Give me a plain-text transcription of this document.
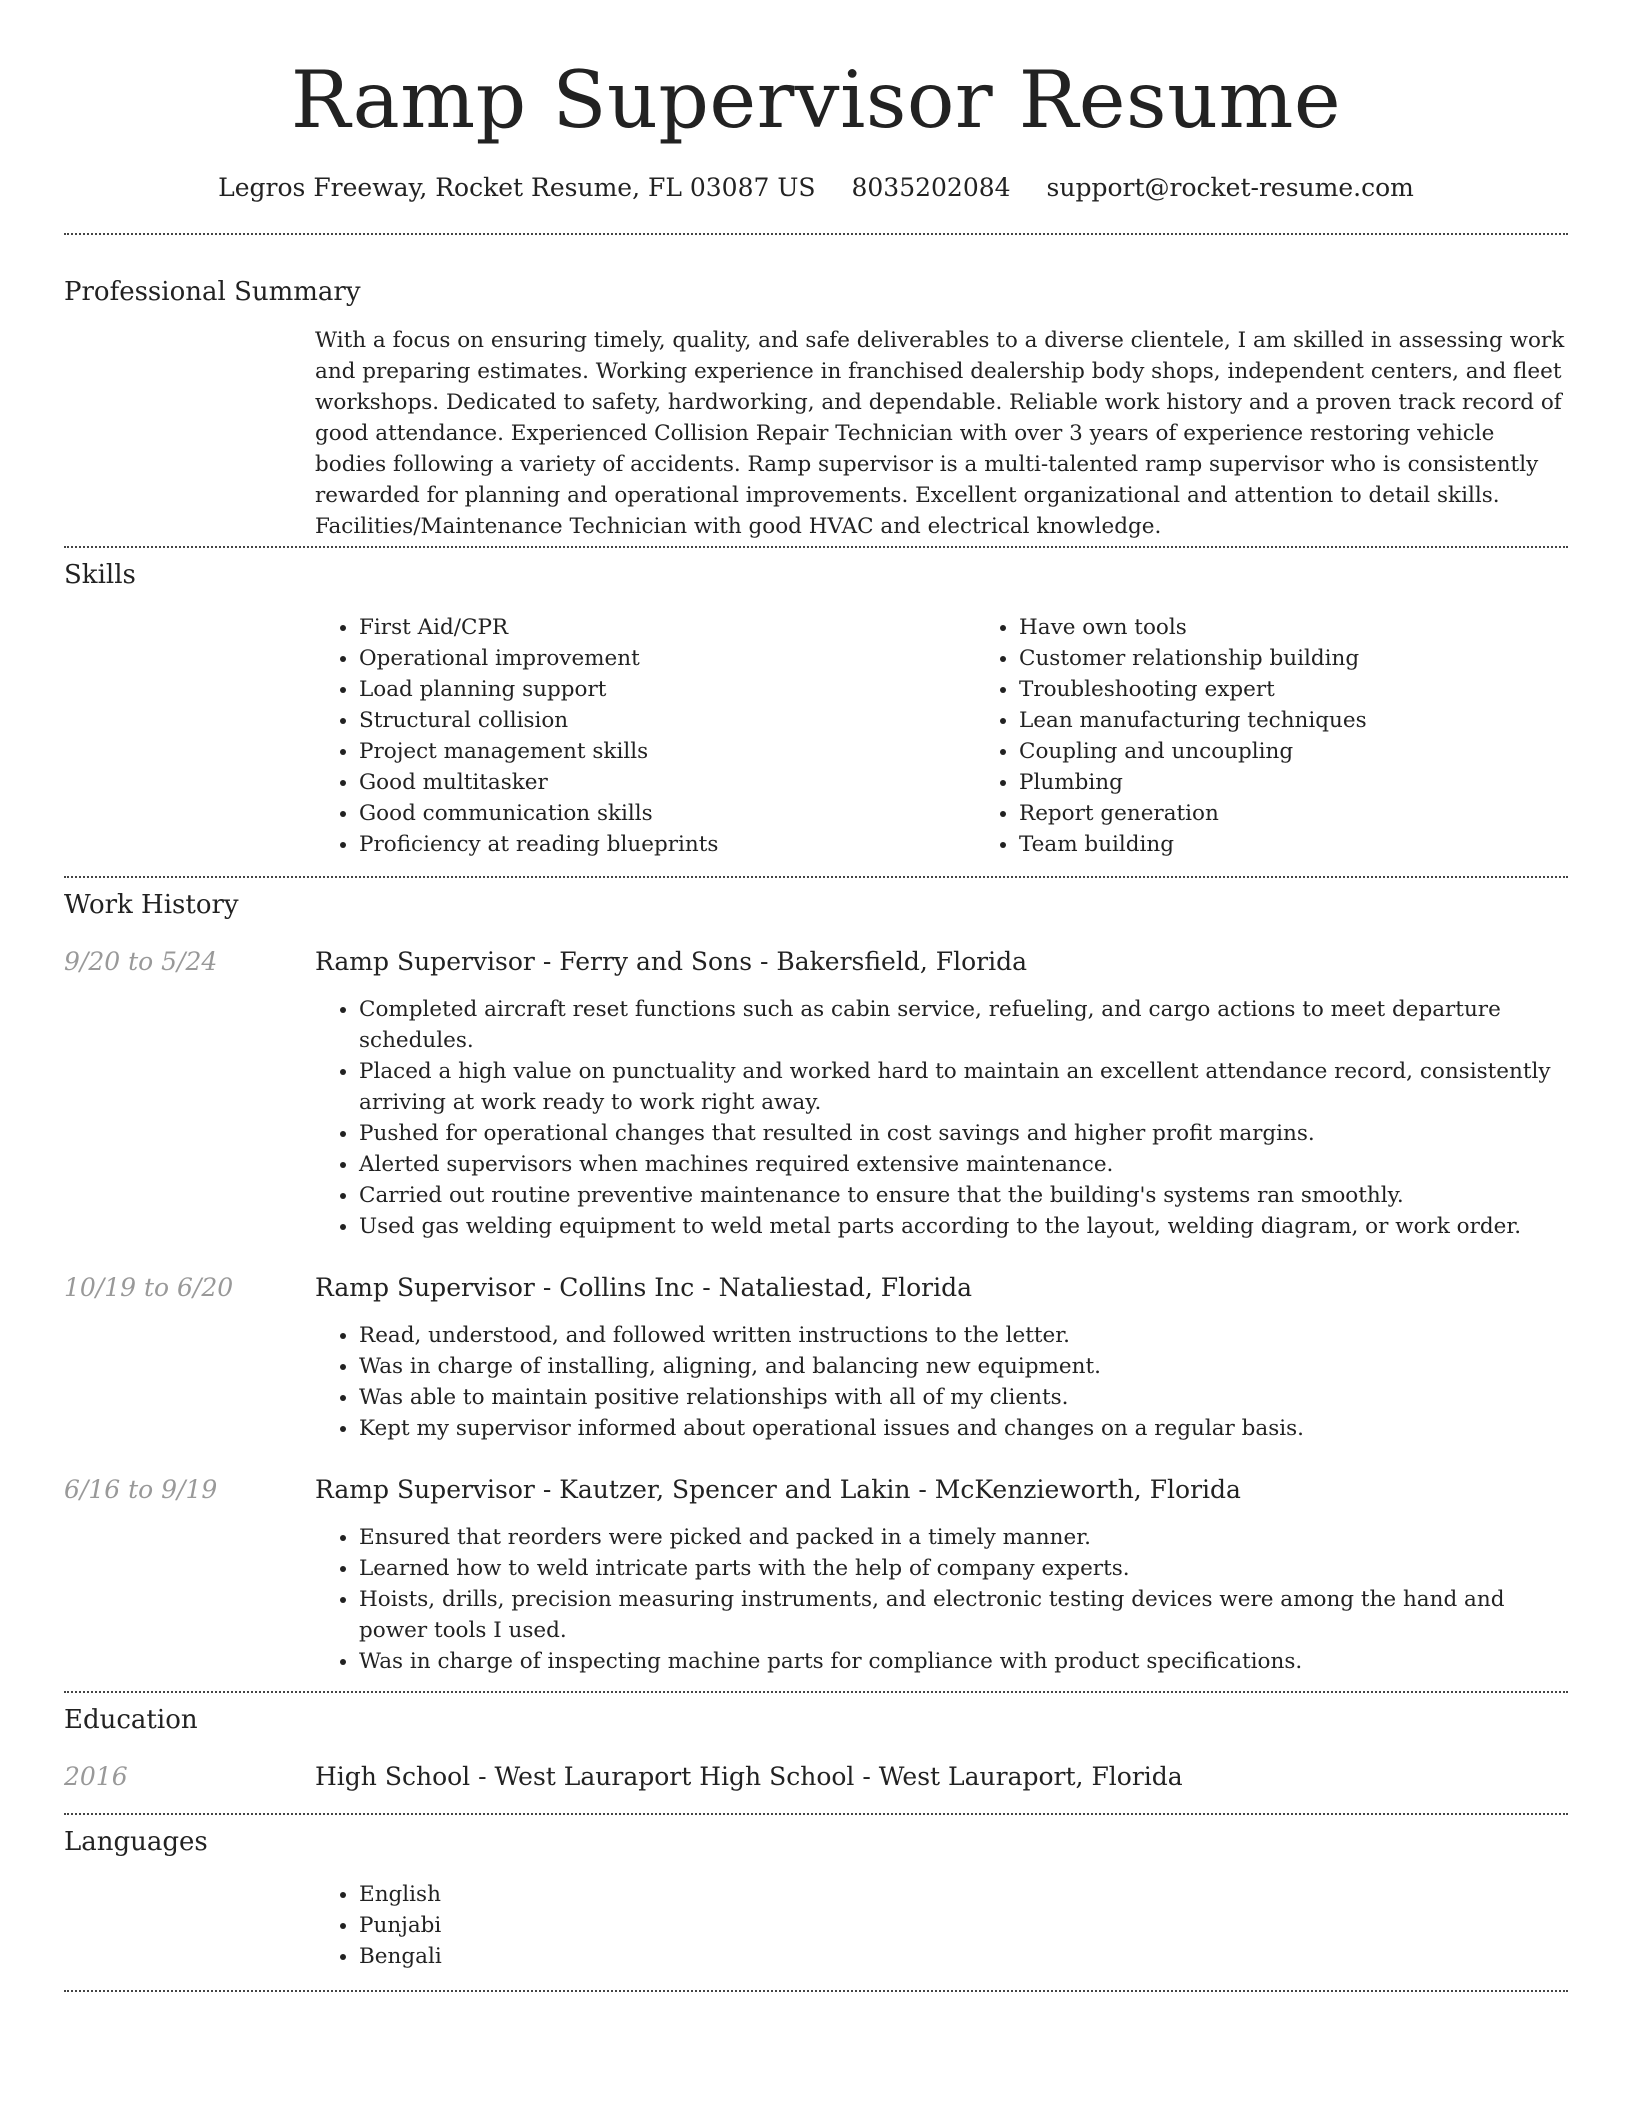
Ramp Supervisor Resume
Legros Freeway, Rocket Resume, FL 03087 US 8035202084 support@rocket-resume.com
Professional Summary

With a focus on ensuring timely, quality, and safe deliverables to a diverse clientele, I am skilled in assessing work and preparing estimates. Working experience in franchised dealership body shops, independent centers, and fleet workshops. Dedicated to safety, hardworking, and dependable. Reliable work history and a proven track record of good attendance. Experienced Collision Repair Technician with over 3 years of experience restoring vehicle bodies following a variety of accidents. Ramp supervisor is a multi-talented ramp supervisor who is consistently rewarded for planning and operational improvements. Excellent organizational and attention to detail skills. Facilities/Maintenance Technician with good HVAC and electrical knowledge.

Skills
• First Aid/CPR
• Operational improvement
• Load planning support
• Structural collision
• Project management skills
• Good multitasker
• Good communication skills
• Proficiency at reading blueprints
• Have own tools
• Customer relationship building
• Troubleshooting expert
• Lean manufacturing techniques
• Coupling and uncoupling
• Plumbing
• Report generation
• Team building
Work History
9/20 to 5/24	Ramp Supervisor - Ferry and Sons - Bakersfield, Florida
• Completed aircraft reset functions such as cabin service, refueling, and cargo actions to meet departure schedules.
• Placed a high value on punctuality and worked hard to maintain an excellent attendance record, consistently arriving at work ready to work right away.
• Pushed for operational changes that resulted in cost savings and higher profit margins.
• Alerted supervisors when machines required extensive maintenance.
• Carried out routine preventive maintenance to ensure that the building's systems ran smoothly.
• Used gas welding equipment to weld metal parts according to the layout, welding diagram, or work order.
10/19 to 6/20	Ramp Supervisor - Collins Inc - Nataliestad, Florida
• Read, understood, and followed written instructions to the letter.
• Was in charge of installing, aligning, and balancing new equipment.
• Was able to maintain positive relationships with all of my clients.
• Kept my supervisor informed about operational issues and changes on a regular basis.
6/16 to 9/19	Ramp Supervisor - Kautzer, Spencer and Lakin - McKenzieworth, Florida
• Ensured that reorders were picked and packed in a timely manner.
• Learned how to weld intricate parts with the help of company experts.
• Hoists, drills, precision measuring instruments, and electronic testing devices were among the hand and power tools I used.
• Was in charge of inspecting machine parts for compliance with product specifications.
Education
2016	High School - West Lauraport High School - West Lauraport, Florida
Languages
• English
• Punjabi
• Bengali
